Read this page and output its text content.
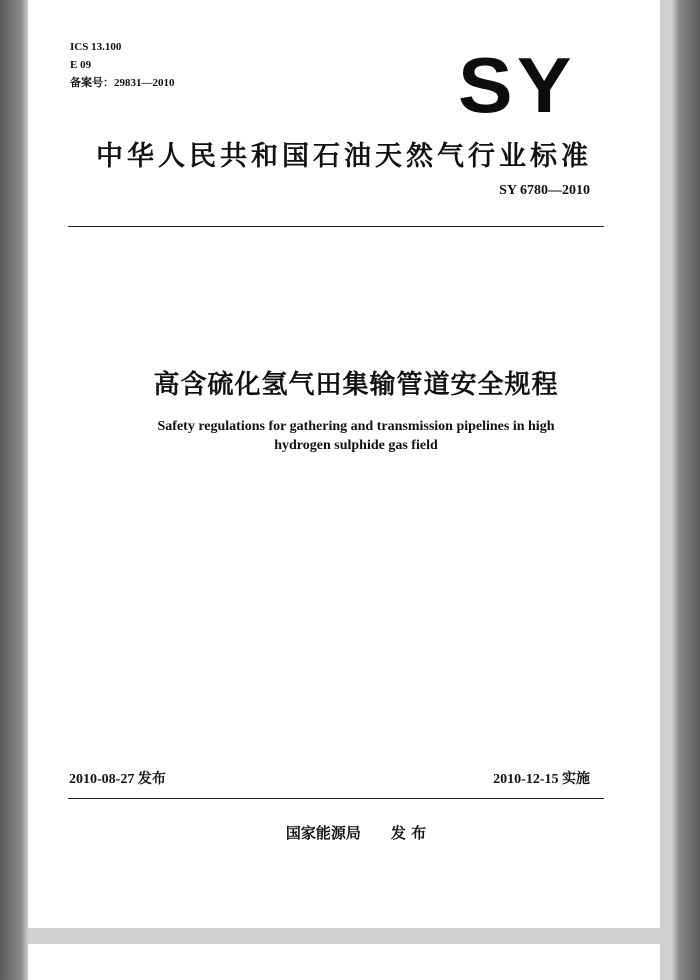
ICS 13.100
E 09
备案号：29831—2010	SY
中华人民共和国石油天然气行业标准
SY 6780—2010
高含硫化氢气田集输管道安全规程
Safety regulations for gathering and transmission pipelines in high
hydrogen sulphide gas field
2010-08-27 发布	2010-12-15 实施
国家能源局 发 布
